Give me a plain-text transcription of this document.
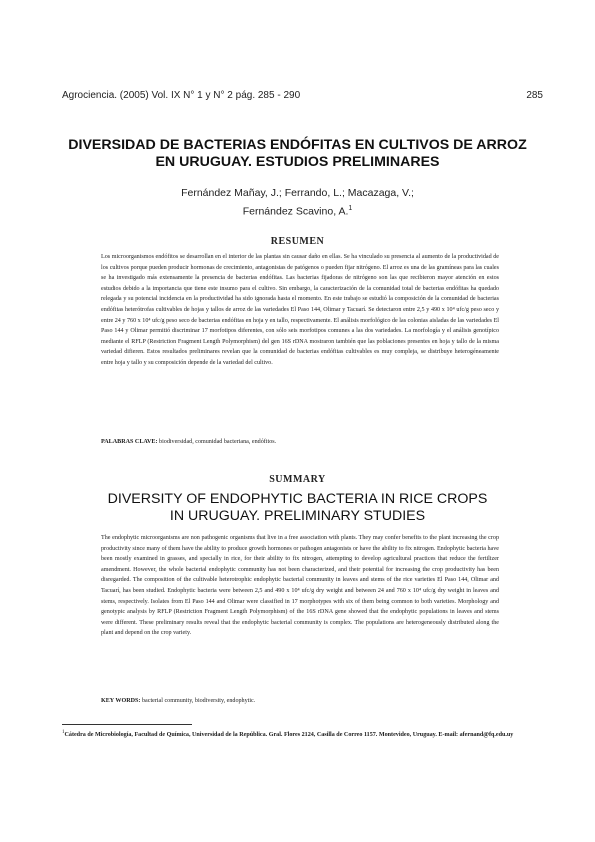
Agrociencia. (2005) Vol. IX N° 1 y N° 2 pág. 285 - 290	285
DIVERSIDAD DE BACTERIAS ENDÓFITAS EN CULTIVOS DE ARROZ
EN URUGUAY. ESTUDIOS PRELIMINARES
Fernández Mañay, J.; Ferrando, L.; Macazaga, V.;
Fernández Scavino, A.$^1$
RESUMEN
Los microorganismos endófitos se desarrollan en el interior de las plantas sin causar daño en ellas. Se ha vinculado su presencia al aumento de la productividad de los cultivos porque pueden producir hormonas de crecimiento, antagonistas de patógenos o pueden fijar nitrógeno. El arroz es una de las gramíneas para las cuales se ha investigado más extensamente la presencia de bacterias endófitas. Las bacterias fijadoras de nitrógeno son las que recibieron mayor atención en estos estudios debido a la importancia que tiene este insumo para el cultivo. Sin embargo, la caracterización de la comunidad total de bacterias endófitas ha quedado relegada y su potencial incidencia en la productividad ha sido ignorada hasta el momento. En este trabajo se estudió la composición de la comunidad de bacterias endófitas heterótrofas cultivables de hojas y tallos de arroz de las variedades El Paso 144, Olimar y Tacuarí. Se detectaron entre 2,5 y 490 x 10⁴ ufc/g peso seco y entre 24 y 760 x 10⁴ ufc/g peso seco de bacterias endófitas en hoja y en tallo, respectivamente. El análisis morfológico de las colonias aisladas de las variedades El Paso 144 y Olimar permitió discriminar 17 morfotipos diferentes, con sólo seis morfotipos comunes a las dos variedades. La morfología y el análisis genotípico mediante el RFLP (Restriction Fragment Length Polymorphism) del gen 16S rDNA mostraron también que las poblaciones presentes en hoja y tallo de la misma variedad difieren. Estos resultados preliminares revelan que la comunidad de bacterias endófitas cultivables es muy compleja, se distribuye heterogéneamente entre hoja y tallo y su composición depende de la variedad del cultivo.
PALABRAS CLAVE: biodiversidad, comunidad bacteriana, endófitos.
SUMMARY
DIVERSITY OF ENDOPHYTIC BACTERIA IN RICE CROPS
IN URUGUAY. PRELIMINARY STUDIES
The endophytic microorganisms are non pathogenic organisms that live in a free association with plants. They may confer benefits to the plant increasing the crop productivity since many of them have the ability to produce growth hormones or pathogen antagonists or have the ability to fix nitrogen. Endophytic bacteria have been mostly examined in grasses, and specially in rice, for their ability to fix nitrogen, attempting to develop agricultural practices that reduce the fertilizer amendment. However, the whole bacterial endophytic community has not been characterized, and their potential for increasing the crop productivity has been disregarded. The composition of the cultivable heterotrophic endophytic bacterial community in leaves and stems of the rice varieties El Paso 144, Olimar and Tacuarí, has been studied. Endophytic bacteria were between 2,5 and 490 x 10⁴ ufc/g dry weight and between 24 and 760 x 10⁴ ufc/g dry weight in leaves and stems, respectively. Isolates from El Paso 144 and Olimar were classified in 17 morphotypes with six of them being common to both varieties. Morphology and genotypic analysis by RFLP (Restriction Fragment Length Polymorphism) of the 16S rDNA gene showed that the endophytic populations in leaves and stems were different. These preliminary results reveal that the endophytic bacterial community is complex. The populations are heterogeneously distributed along the plant and depend on the crop variety.
KEY WORDS: bacterial community, biodiversity, endophytic.
$^1$Cátedra de Microbiología, Facultad de Química, Universidad de la República. Gral. Flores 2124, Casilla de Correo 1157. Montevideo, Uruguay. E-mail: afernand@fq.edu.uy
